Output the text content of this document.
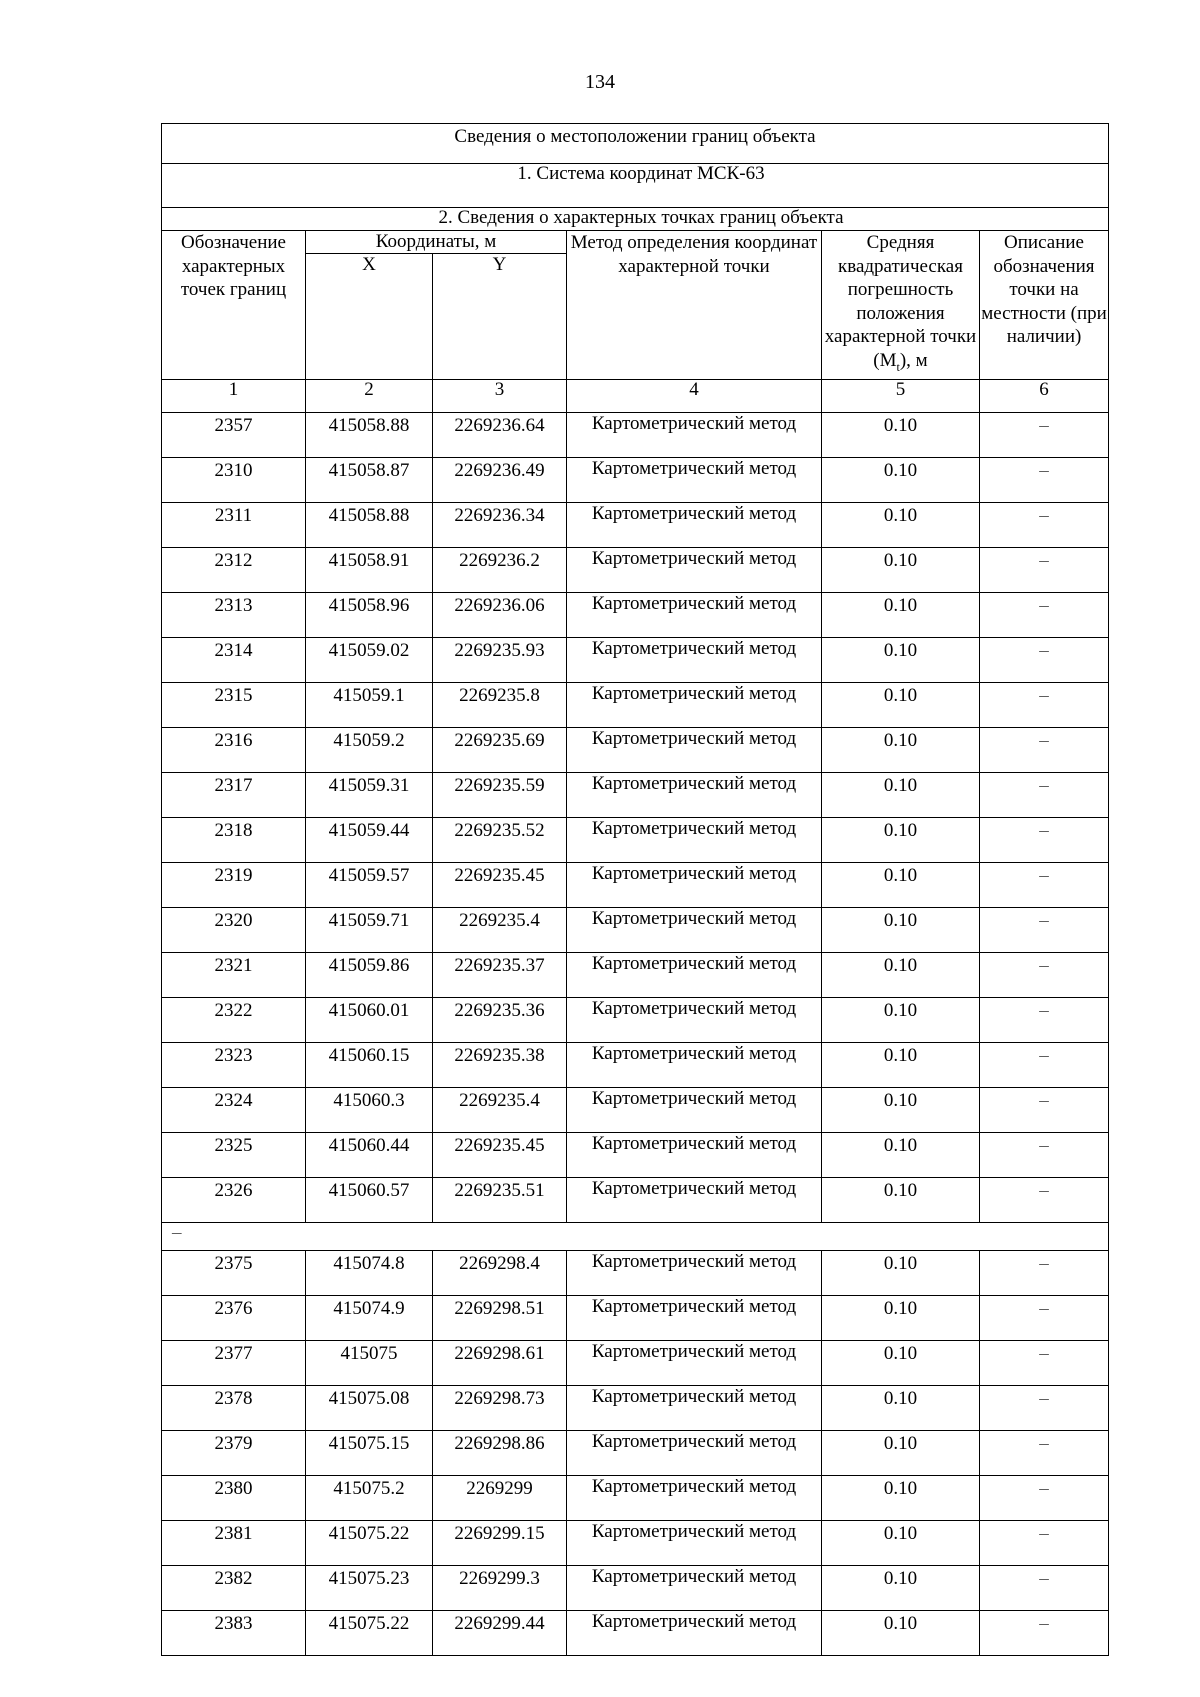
134
Сведения о местоположении границ объекта					

1. Система координат МСК-63					

2. Сведения о характерных точках границ объекта					

Обозначение характерных точек границ	Координаты, м		Метод определения координат характерной точки	Средняя квадратическая погрешность положения характерной точки $(M_t)$, м	Описание обозначения точки на местности (при наличии)
	X	Y			
1	2	3	4	5	6
2357	415058.88	2269236.64	Картометрический метод	0.10	–
2310	415058.87	2269236.49	Картометрический метод	0.10	–
2311	415058.88	2269236.34	Картометрический метод	0.10	–
2312	415058.91	2269236.2	Картометрический метод	0.10	–
2313	415058.96	2269236.06	Картометрический метод	0.10	–
2314	415059.02	2269235.93	Картометрический метод	0.10	–
2315	415059.1	2269235.8	Картометрический метод	0.10	–
2316	415059.2	2269235.69	Картометрический метод	0.10	–
2317	415059.31	2269235.59	Картометрический метод	0.10	–
2318	415059.44	2269235.52	Картометрический метод	0.10	–
2319	415059.57	2269235.45	Картометрический метод	0.10	–
2320	415059.71	2269235.4	Картометрический метод	0.10	–
2321	415059.86	2269235.37	Картометрический метод	0.10	–
2322	415060.01	2269235.36	Картометрический метод	0.10	–
2323	415060.15	2269235.38	Картометрический метод	0.10	–
2324	415060.3	2269235.4	Картометрический метод	0.10	–
2325	415060.44	2269235.45	Картометрический метод	0.10	–
2326	415060.57	2269235.51	Картометрический метод	0.10	–

–					

2375	415074.8	2269298.4	Картометрический метод	0.10	–
2376	415074.9	2269298.51	Картометрический метод	0.10	–
2377	415075	2269298.61	Картометрический метод	0.10	–
2378	415075.08	2269298.73	Картометрический метод	0.10	–
2379	415075.15	2269298.86	Картометрический метод	0.10	–
2380	415075.2	2269299	Картометрический метод	0.10	–
2381	415075.22	2269299.15	Картометрический метод	0.10	–
2382	415075.23	2269299.3	Картометрический метод	0.10	–
2383	415075.22	2269299.44	Картометрический метод	0.10	–
